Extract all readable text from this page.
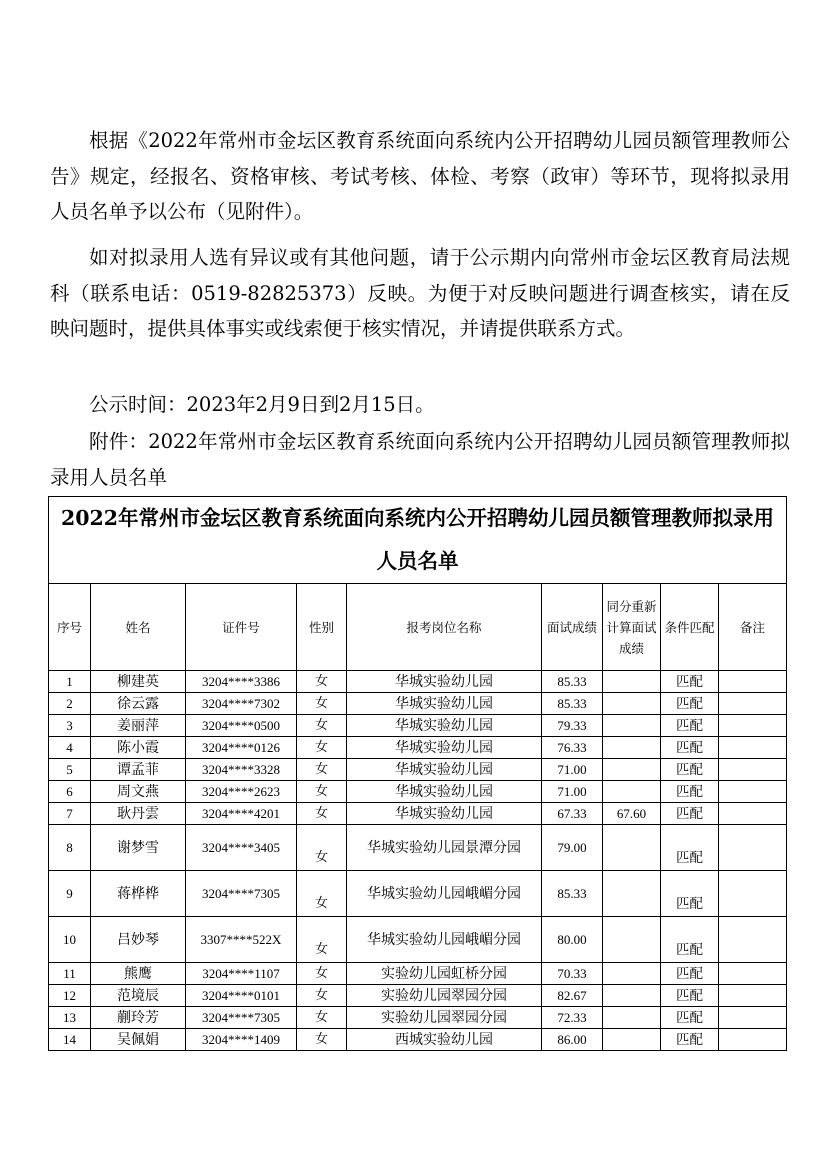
根据《2022年常州市金坛区教育系统面向系统内公开招聘幼儿园员额管理教师公告》规定，经报名、资格审核、考试考核、体检、考察（政审）等环节，现将拟录用人员名单予以公布（见附件）。

如对拟录用人选有异议或有其他问题，请于公示期内向常州市金坛区教育局法规科（联系电话：0519-82825373）反映。为便于对反映问题进行调查核实，请在反映问题时，提供具体事实或线索便于核实情况，并请提供联系方式。

公示时间：2023年2月9日到2月15日。

附件：2022年常州市金坛区教育系统面向系统内公开招聘幼儿园员额管理教师拟录用人员名单

2022年常州市金坛区教育系统面向系统内公开招聘幼儿园员额管理教师拟录用人员名单								
序号	姓名	证件号	性别	报考岗位名称	面试成绩	同分重新计算面试成绩	条件匹配	备注
1	柳建英	3204****3386	女	华城实验幼儿园	85.33		匹配	
2	徐云露	3204****7302	女	华城实验幼儿园	85.33		匹配	
3	姜丽萍	3204****0500	女	华城实验幼儿园	79.33		匹配	
4	陈小霞	3204****0126	女	华城实验幼儿园	76.33		匹配	
5	谭孟菲	3204****3328	女	华城实验幼儿园	71.00		匹配	
6	周文燕	3204****2623	女	华城实验幼儿园	71.00		匹配	
7	耿丹雲	3204****4201	女	华城实验幼儿园	67.33	67.60	匹配	
8	谢梦雪	3204****3405	女	华城实验幼儿园景潭分园	79.00		匹配	
9	蒋桦桦	3204****7305	女	华城实验幼儿园峨嵋分园	85.33		匹配	
10	吕妙琴	3307****522X	女	华城实验幼儿园峨嵋分园	80.00		匹配	
11	熊鹰	3204****1107	女	实验幼儿园虹桥分园	70.33		匹配	
12	范境辰	3204****0101	女	实验幼儿园翠园分园	82.67		匹配	
13	蒯玲芳	3204****7305	女	实验幼儿园翠园分园	72.33		匹配	
14	吴佩娟	3204****1409	女	西城实验幼儿园	86.00		匹配	
